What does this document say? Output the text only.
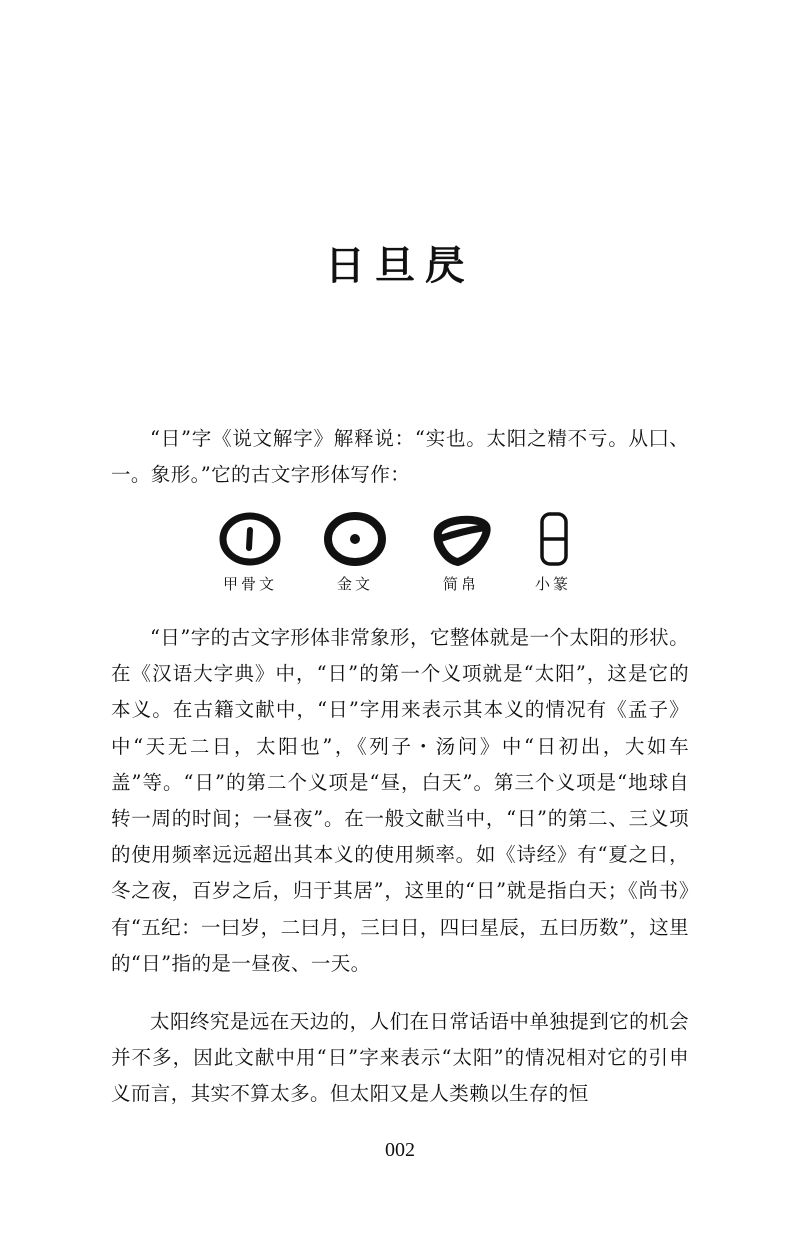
日旦昃

“日”字《说文解字》解释说：“实也。太阳之精不亏。从囗、一。象形。”它的古文字形体写作：

甲骨文	金文	简帛	小篆

“日”字的古文字形体非常象形，它整体就是一个太阳的形状。在《汉语大字典》中，“日”的第一个义项就是“太阳”，这是它的本义。在古籍文献中，“日”字用来表示其本义的情况有《孟子》中“天无二日，太阳也”，《列子・汤问》中“日初出，大如车盖”等。“日”的第二个义项是“昼，白天”。第三个义项是“地球自转一周的时间；一昼夜”。在一般文献当中，“日”的第二、三义项的使用频率远远超出其本义的使用频率。如《诗经》有“夏之日，冬之夜，百岁之后，归于其居”，这里的“日”就是指白天；《尚书》有“五纪：一曰岁，二曰月，三曰日，四曰星辰，五曰历数”，这里的“日”指的是一昼夜、一天。

太阳终究是远在天边的，人们在日常话语中单独提到它的机会并不多，因此文献中用“日”字来表示“太阳”的情况相对它的引申义而言，其实不算太多。但太阳又是人类赖以生存的恒

002
